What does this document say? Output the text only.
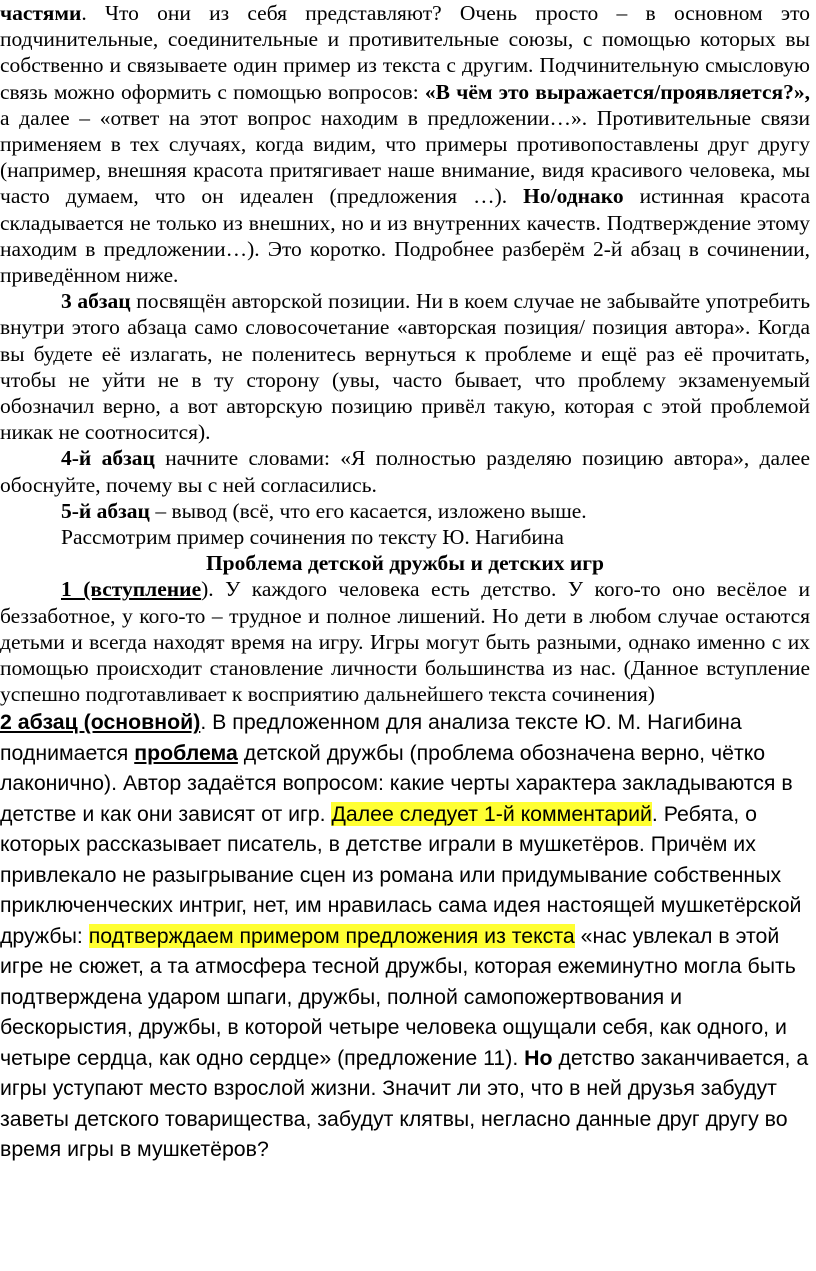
частями. Что они из себя представляют? Очень просто – в основном это подчинительные, соединительные и противительные союзы, с помощью которых вы собственно и связываете один пример из текста с другим. Подчинительную смысловую связь можно оформить с помощью вопросов: «В чём это выражается/проявляется?», а далее – «ответ на этот вопрос находим в предложении…». Противительные связи применяем в тех случаях, когда видим, что примеры противопоставлены друг другу (например, внешняя красота притягивает наше внимание, видя красивого человека, мы часто думаем, что он идеален (предложения …). Но/однако истинная красота складывается не только из внешних, но и из внутренних качеств. Подтверждение этому находим в предложении…). Это коротко. Подробнее разберём 2-й абзац в сочинении, приведённом ниже.

3 абзац посвящён авторской позиции. Ни в коем случае не забывайте употребить внутри этого абзаца само словосочетание «авторская позиция/ позиция автора». Когда вы будете её излагать, не поленитесь вернуться к проблеме и ещё раз её прочитать, чтобы не уйти не в ту сторону (увы, часто бывает, что проблему экзаменуемый обозначил верно, а вот авторскую позицию привёл такую, которая с этой проблемой никак не соотносится).

4-й абзац начните словами: «Я полностью разделяю позицию автора», далее обоснуйте, почему вы с ней согласились.

5-й абзац – вывод (всё, что его касается, изложено выше.

Рассмотрим пример сочинения по тексту Ю. Нагибина

Проблема детской дружбы и детских игр

1 (вступление). У каждого человека есть детство. У кого-то оно весёлое и беззаботное, у кого-то – трудное и полное лишений. Но дети в любом случае остаются детьми и всегда находят время на игру. Игры могут быть разными, однако именно с их помощью происходит становление личности большинства из нас. (Данное вступление успешно подготавливает к восприятию дальнейшего текста сочинения)

2 абзац (основной). В предложенном для анализа тексте Ю. М. Нагибина поднимается проблема детской дружбы (проблема обозначена верно, чётко лаконично). Автор задаётся вопросом: какие черты характера закладываются в детстве и как они зависят от игр. Далее следует 1-й комментарий. Ребята, о которых рассказывает писатель, в детстве играли в мушкетёров. Причём их привлекало не разыгрывание сцен из романа или придумывание собственных приключенческих интриг, нет, им нравилась сама идея настоящей мушкетёрской дружбы: подтверждаем примером предложения из текста «нас увлекал в этой игре не сюжет, а та атмосфера тесной дружбы, которая ежеминутно могла быть подтверждена ударом шпаги, дружбы, полной самопожертвования и бескорыстия, дружбы, в которой четыре человека ощущали себя, как одного, и четыре сердца, как одно сердце» (предложение 11). Но детство заканчивается, а игры уступают место взрослой жизни. Значит ли это, что в ней друзья забудут заветы детского товарищества, забудут клятвы, негласно данные друг другу во время игры в мушкетёров?
